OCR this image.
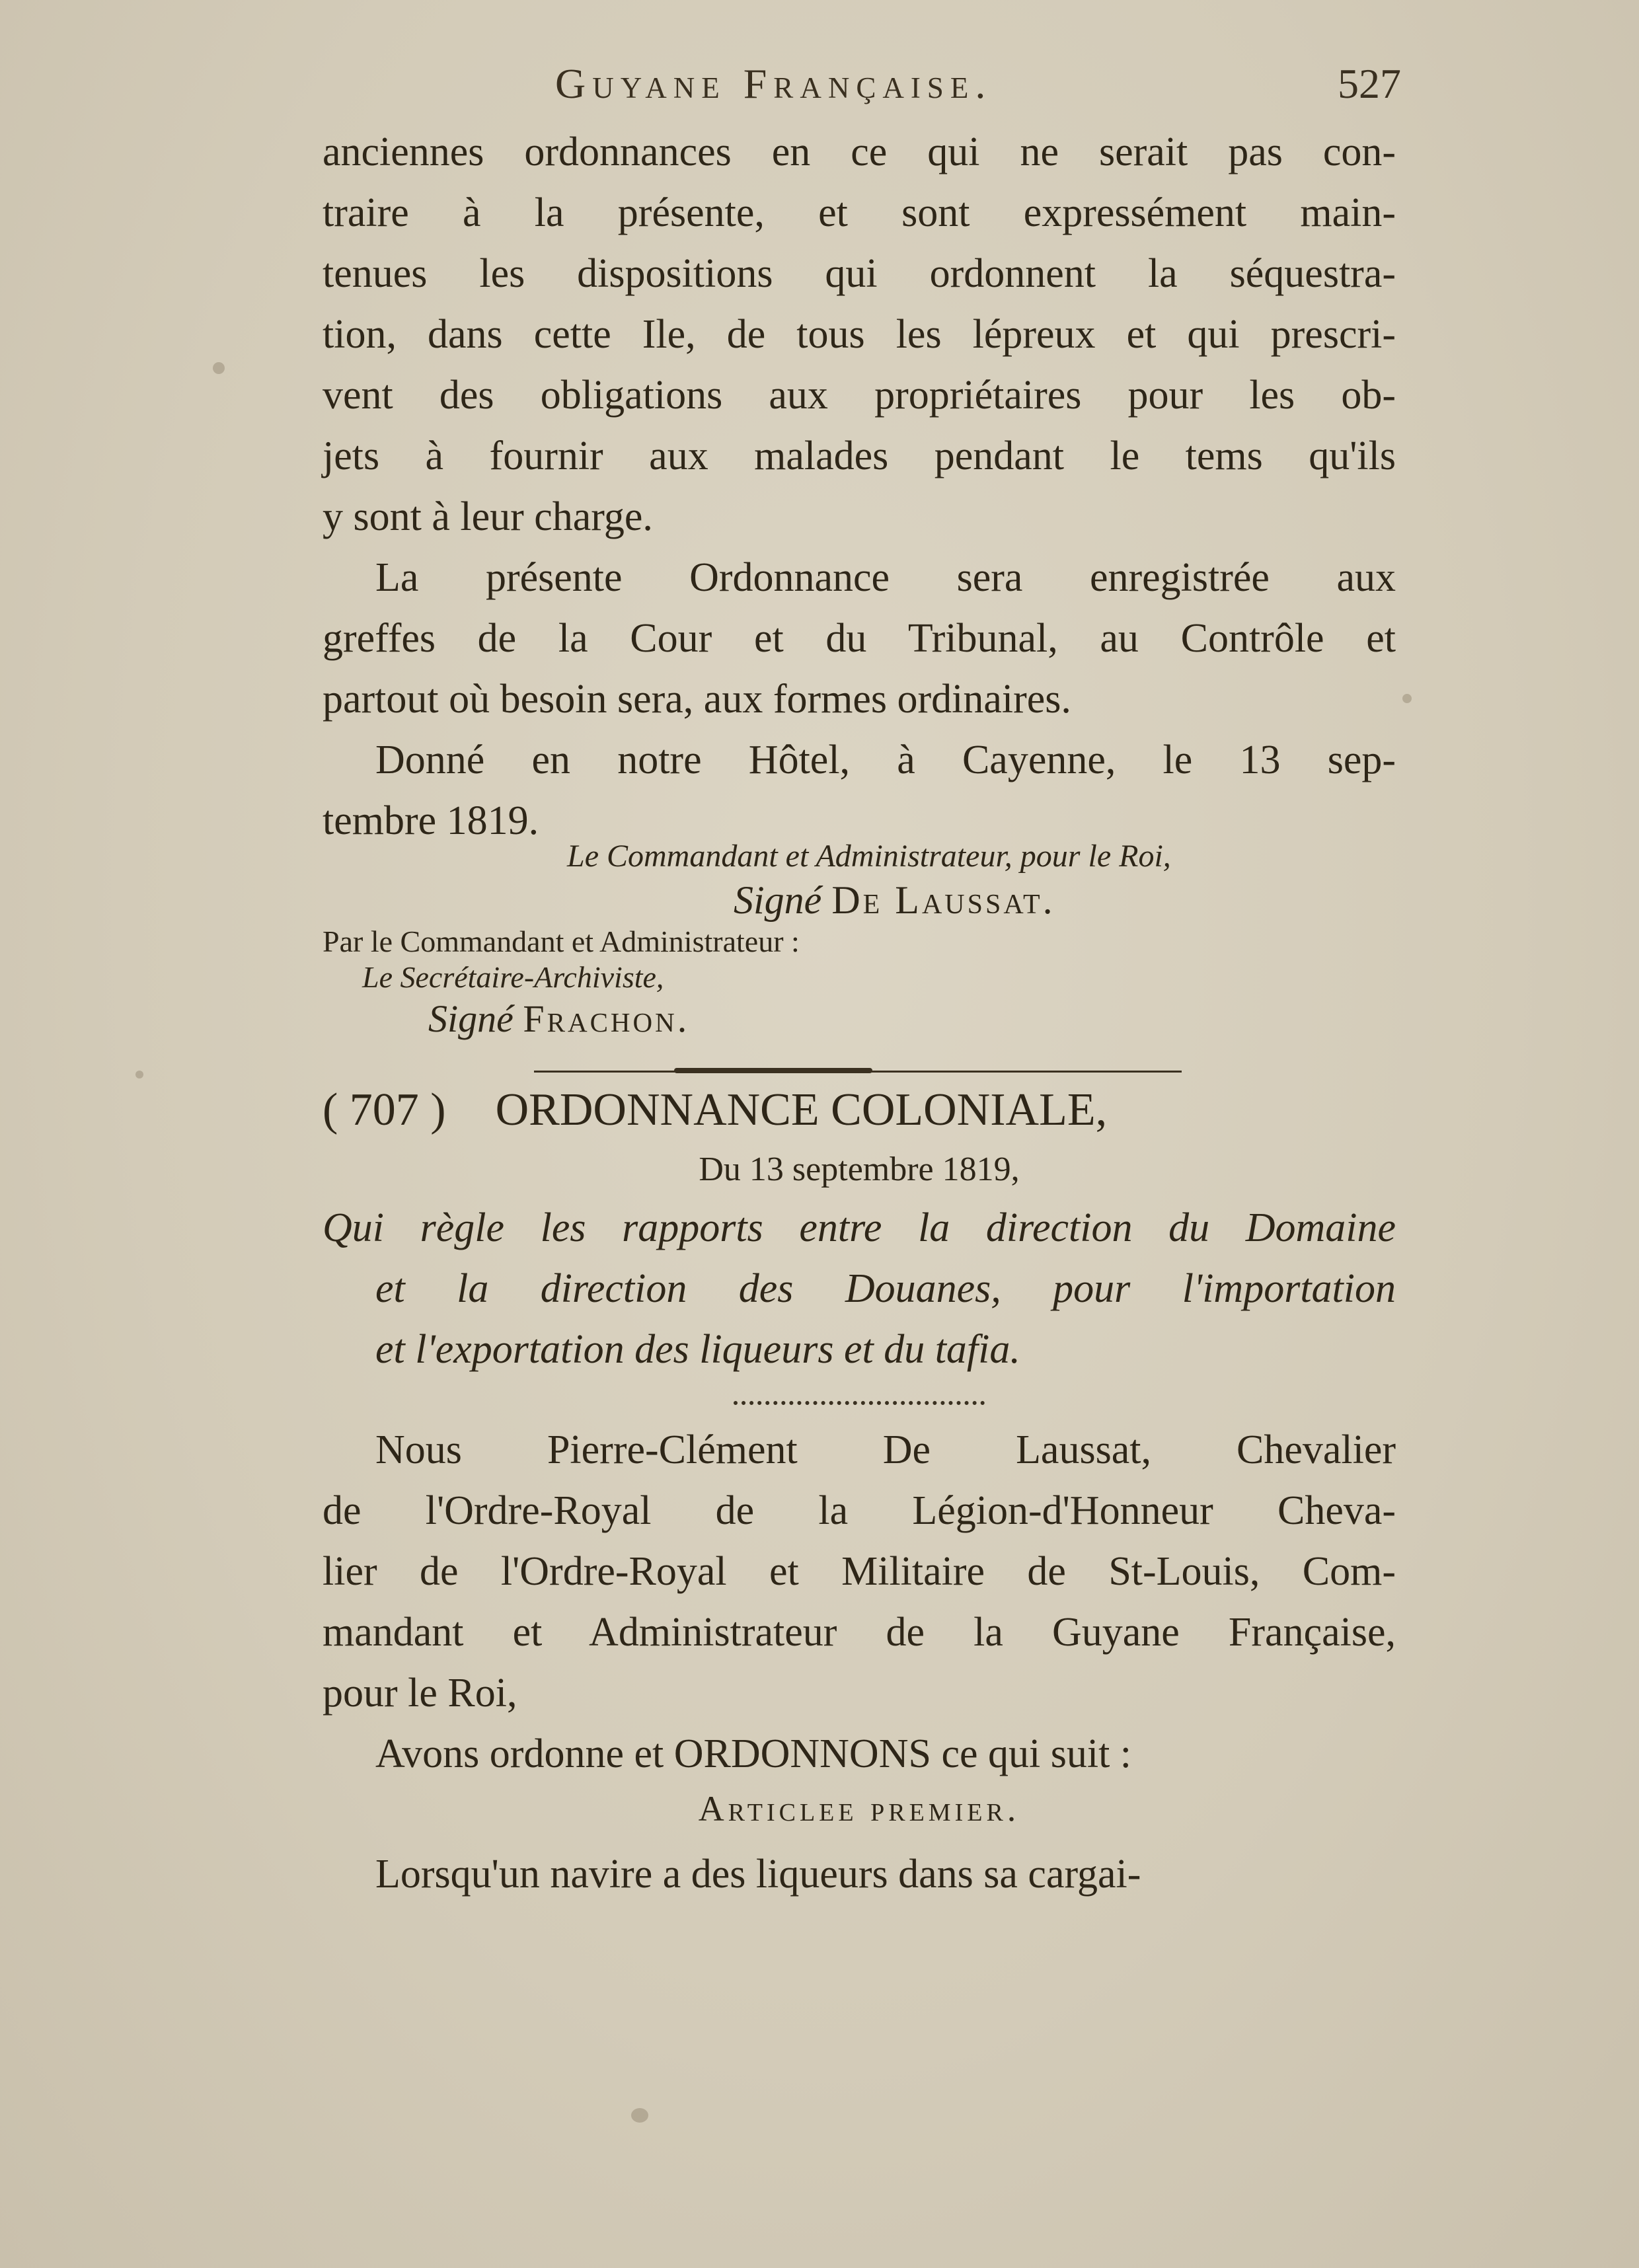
Guyane Française.	527
anciennes ordonnances en ce qui ne serait pas con-
traire à la présente, et sont expressément main-
tenues les dispositions qui ordonnent la séquestra-
tion, dans cette Ile, de tous les lépreux et qui prescri-
vent des obligations aux propriétaires pour les ob-
jets à fournir aux malades pendant le tems qu'ils
y sont à leur charge.
La présente Ordonnance sera enregistrée aux
greffes de la Cour et du Tribunal, au Contrôle et
partout où besoin sera, aux formes ordinaires.
Donné en notre Hôtel, à Cayenne, le 13 sep-
tembre 1819.
Le Commandant et Administrateur, pour le Roi,
Signé De Laussat.
Par le Commandant et Administrateur :
Le Secrétaire-Archiviste,
Signé Frachon.
( 707 ) ORDONNANCE COLONIALE,
Du 13 septembre 1819,
Qui règle les rapports entre la direction du Domaine
et la direction des Douanes, pour l'importation
et l'exportation des liqueurs et du tafia.
Nous Pierre-Clément De Laussat, Chevalier
de l'Ordre-Royal de la Légion-d'Honneur Cheva-
lier de l'Ordre-Royal et Militaire de St-Louis, Com-
mandant et Administrateur de la Guyane Française,
pour le Roi,
Avons ordonne et ORDONNONS ce qui suit :
Articlee premier.
Lorsqu'un navire a des liqueurs dans sa cargai-
